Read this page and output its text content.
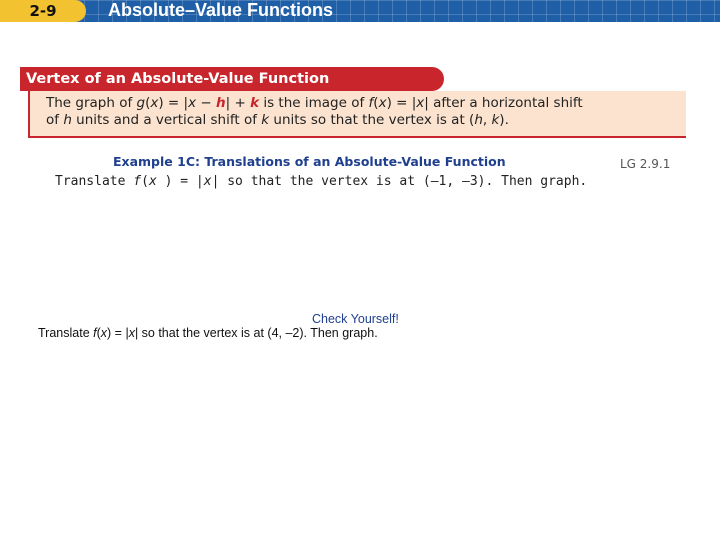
2-9	Absolute–Value Functions
Vertex of an Absolute-Value Function
The graph of g(x) = |x − h| + k is the image of f(x) = |x| after a horizontal shift
of h units and a vertical shift of k units so that the vertex is at (h, k).
Example 1C: Translations of an Absolute-Value Function
Translate f(x ) = |x| so that the vertex is at (–1, –3). Then graph.
LG 2.9.1
Check Yourself!
Translate f(x) = |x| so that the vertex is at (4, –2). Then graph.
